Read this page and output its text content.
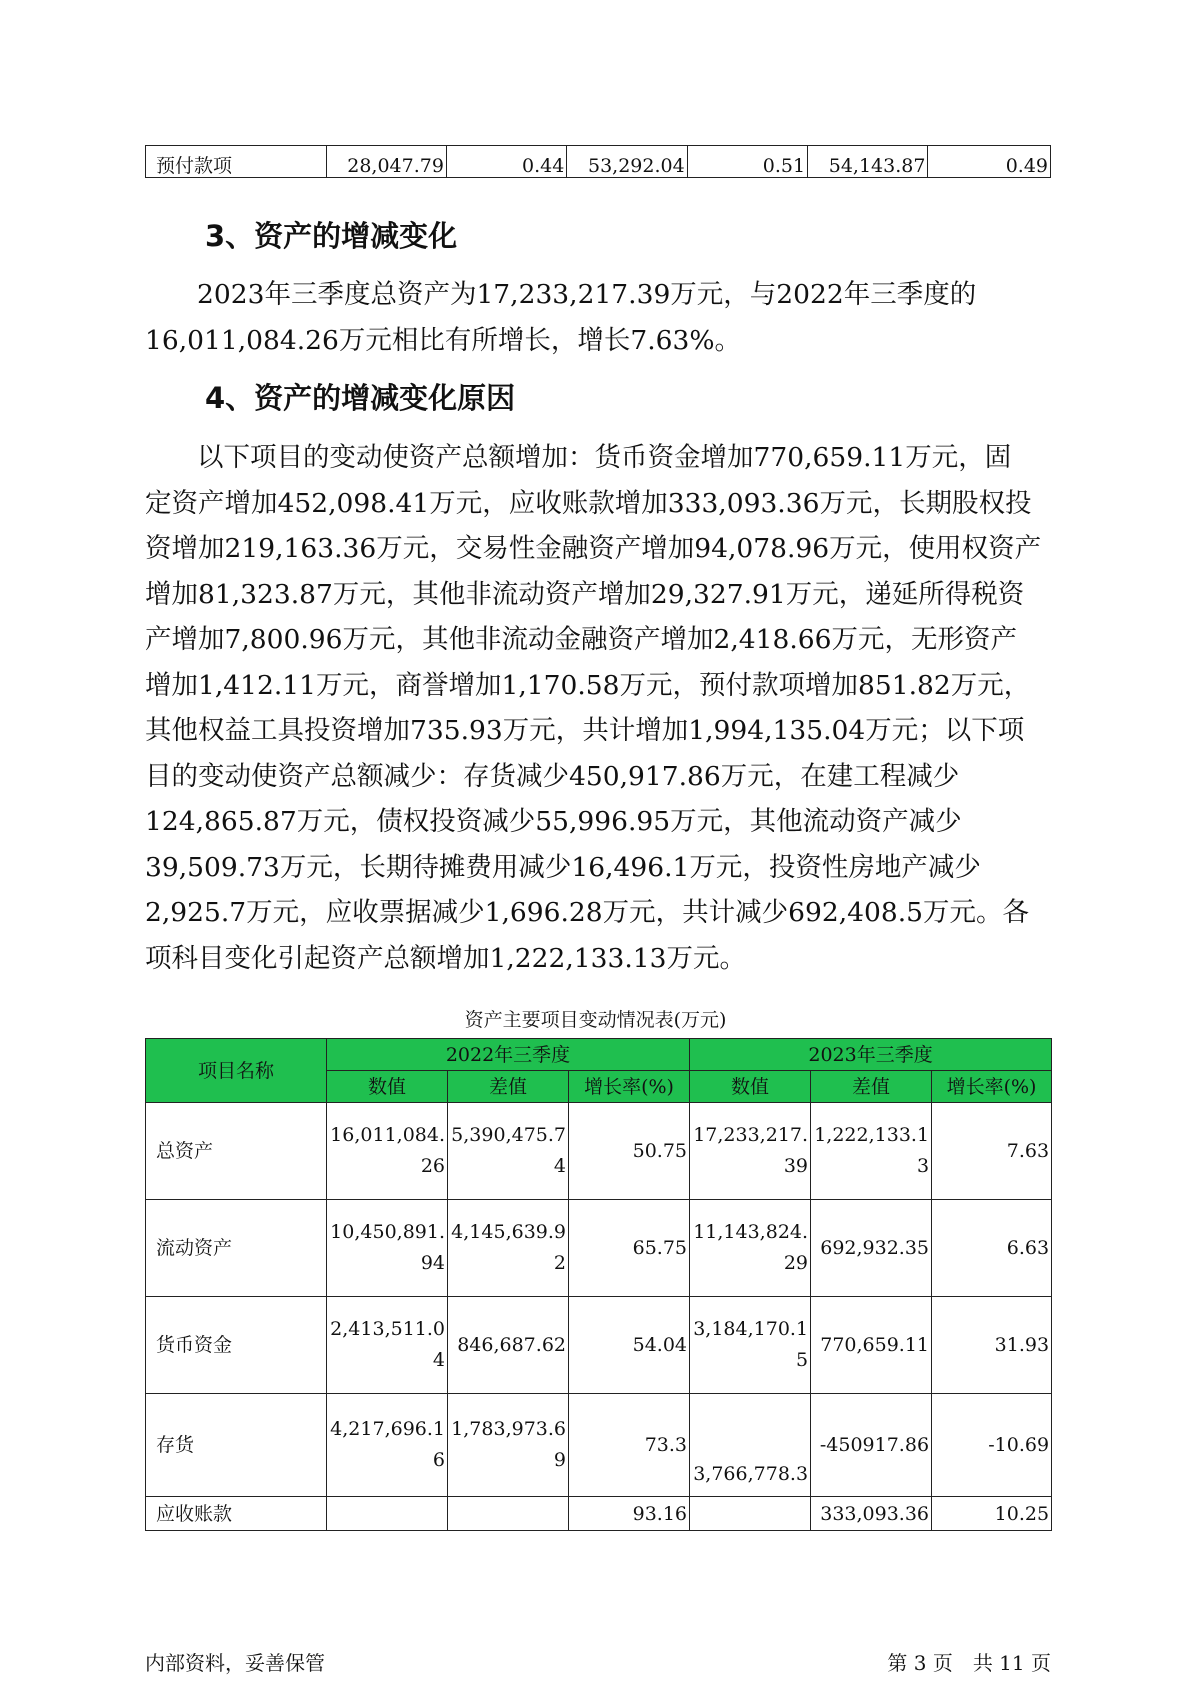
预付款项	28,047.79	0.44	53,292.04	0.51	54,143.87	0.49
3、资产的增减变化

2023年三季度总资产为17,233,217.39万元，与2022年三季度的
16,011,084.26万元相比有所增长，增长7.63%。

4、资产的增减变化原因

以下项目的变动使资产总额增加：货币资金增加770,659.11万元，固
定资产增加452,098.41万元，应收账款增加333,093.36万元，长期股权投
资增加219,163.36万元，交易性金融资产增加94,078.96万元，使用权资产
增加81,323.87万元，其他非流动资产增加29,327.91万元，递延所得税资
产增加7,800.96万元，其他非流动金融资产增加2,418.66万元，无形资产
增加1,412.11万元，商誉增加1,170.58万元，预付款项增加851.82万元，
其他权益工具投资增加735.93万元，共计增加1,994,135.04万元；以下项
目的变动使资产总额减少：存货减少450,917.86万元，在建工程减少
124,865.87万元，债权投资减少55,996.95万元，其他流动资产减少
39,509.73万元，长期待摊费用减少16,496.1万元，投资性房地产减少
2,925.7万元，应收票据减少1,696.28万元，共计减少692,408.5万元。各
项科目变化引起资产总额增加1,222,133.13万元。

资产主要项目变动情况表(万元)
项目名称	2022年三季度			2023年三季度		
	数值	差值	增长率(%)	数值	差值	增长率(%)
总资产	16,011,084.26	5,390,475.74	50.75	17,233,217.39	1,222,133.13	7.63
流动资产	10,450,891.94	4,145,639.92	65.75	11,143,824.29	692,932.35	6.63
货币资金	2,413,511.04	846,687.62	54.04	3,184,170.15	770,659.11	31.93
存货	4,217,696.16	1,783,973.69	73.3	3,766,778.3	-450917.86	-10.69
应收账款			93.16		333,093.36	10.25
内部资料，妥善保管	第 3 页　共 11 页
